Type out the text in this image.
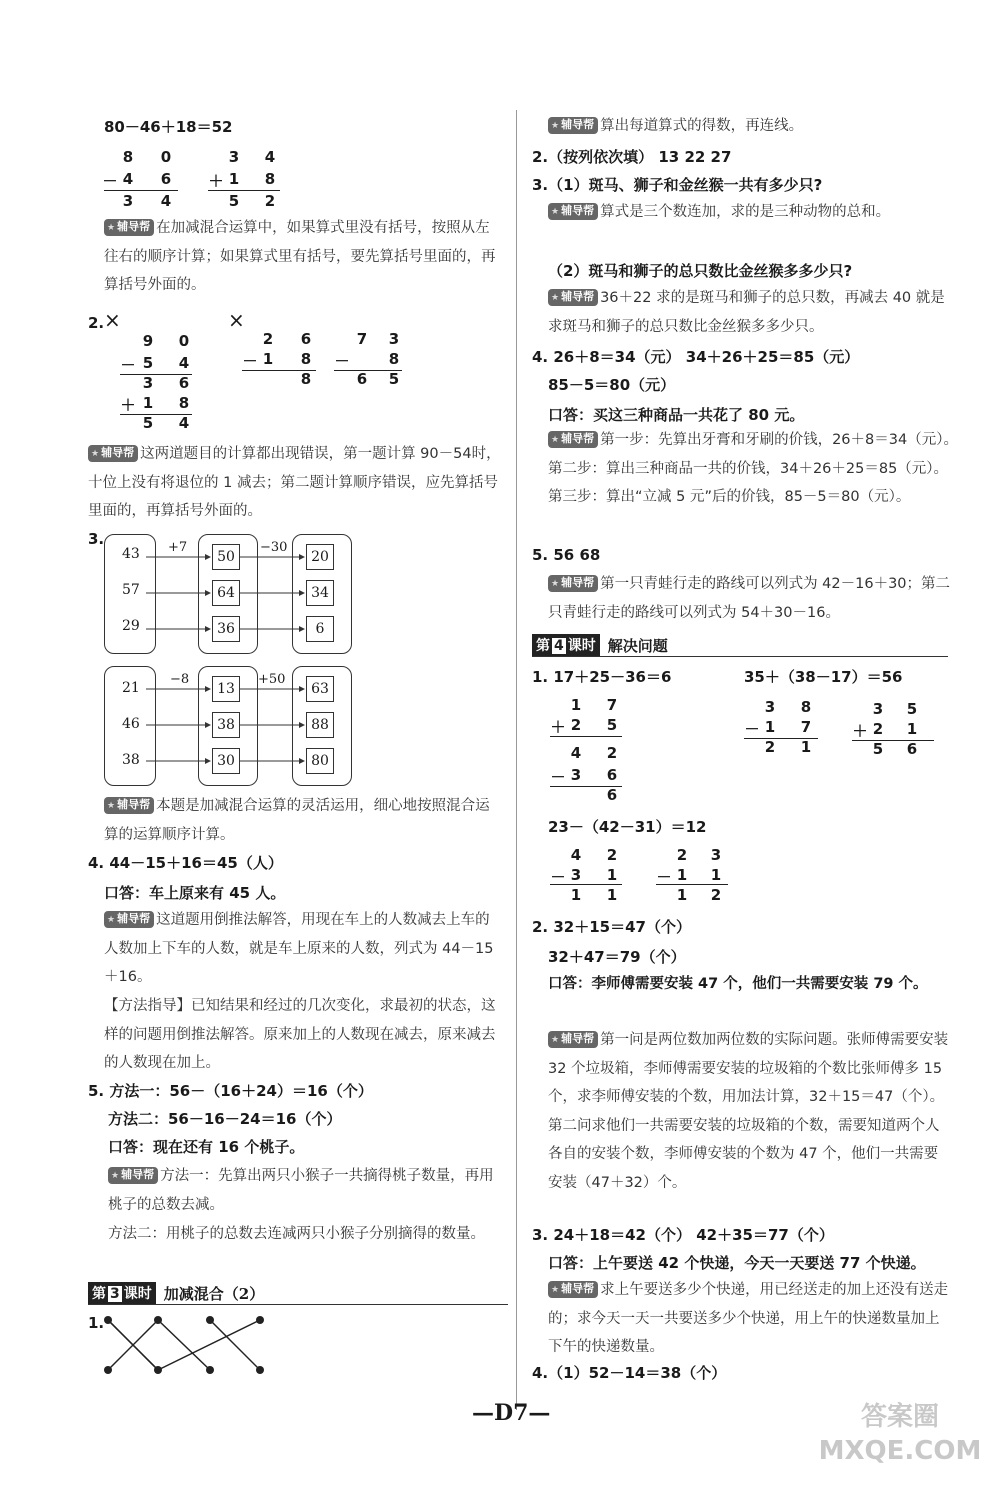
80－46＋18＝52
8 0
－ 4 6
3 4
3 4
＋ 1 8
5 2
★ 辅导帮 在加减混合运算中，如果算式里没有括号，按照从左往右的顺序计算；如果算式里有括号，要先算括号里面的，再算括号外面的。
2. ×	×
9 0
－ 5 4
3 6
＋ 1 8
5 4
2 6
－ 1 8
8
7 3
－	8
6 5
★ 辅导帮 这两道题目的计算都出现错误，第一题计算 90－54时，十位上没有将退位的 1 减去；第二题计算顺序错误，应先算括号里面的，再算括号外面的。
3.
43
57
29
50
64
36
20
34
6
+7	−30
21
46
38
13
38
30
63
88
80
−8	+50
★ 辅导帮 本题是加减混合运算的灵活运用，细心地按照混合运算的运算顺序计算。
4. 44－15＋16＝45（人）
口答：车上原来有 45 人。
★ 辅导帮 这道题用倒推法解答，用现在车上的人数减去上车的人数加上下车的人数，就是车上原来的人数，列式为 44－15＋16。
【方法指导】已知结果和经过的几次变化，求最初的状态，这样的问题用倒推法解答。原来加上的人数现在减去，原来减去的人数现在加上。
5. 方法一：56－（16＋24）＝16（个）
方法二：56－16－24＝16（个）
口答：现在还有 16 个桃子。
★ 辅导帮 方法一：先算出两只小猴子一共摘得桃子数量，再用桃子的总数去减。
方法二：用桃子的总数去连减两只小猴子分别摘得的数量。
第 3 课时 加减混合（2）
1.
★ 辅导帮 算出每道算式的得数，再连线。
2.（按列依次填） 13 22 27
3.（1）斑马、狮子和金丝猴一共有多少只?
★ 辅导帮 算式是三个数连加，求的是三种动物的总和。
（2）斑马和狮子的总只数比金丝猴多多少只?
★ 辅导帮 36＋22 求的是斑马和狮子的总只数，再减去 40 就是求斑马和狮子的总只数比金丝猴多多少只。
4. 26＋8＝34（元） 34＋26＋25＝85（元）
85－5＝80（元）
口答：买这三种商品一共花了 80 元。
★ 辅导帮 第一步：先算出牙膏和牙刷的价钱，26＋8＝34（元）。第二步：算出三种商品一共的价钱，34＋26＋25＝85（元）。第三步：算出“立减 5 元”后的价钱，85－5＝80（元）。
5. 56 68
★ 辅导帮 第一只青蛙行走的路线可以列式为 42－16＋30；第二只青蛙行走的路线可以列式为 54＋30－16。
第 4 课时 解决问题
1. 17＋25－36＝6	35＋（38－17）＝56
1 7
＋ 2 5
4 2
－ 3 6
6
3 8
－ 1 7
2 1
3 5
＋ 2 1
5 6
23－（42－31）＝12
4 2
－ 3 1
1 1
2 3
－ 1 1
1 2
2. 32＋15＝47（个）
32＋47＝79（个）
口答：李师傅需要安装 47 个，他们一共需要安装 79 个。
★ 辅导帮 第一问是两位数加两位数的实际问题。张师傅需要安装 32 个垃圾箱，李师傅需要安装的垃圾箱的个数比张师傅多 15 个，求李师傅安装的个数，用加法计算，32＋15＝47（个）。第二问求他们一共需要安装的垃圾箱的个数，需要知道两个人各自的安装个数，李师傅安装的个数为 47 个，他们一共需要安装（47＋32）个。
3. 24＋18＝42（个） 42＋35＝77（个）
口答：上午要送 42 个快递，今天一天要送 77 个快递。
★ 辅导帮 求上午要送多少个快递，用已经送走的加上还没有送走的；求今天一天一共要送多少个快递，用上午的快递数量加上下午的快递数量。
4.（1）52－14＝38（个）
—D7—	答案圈 MXQE.COM
